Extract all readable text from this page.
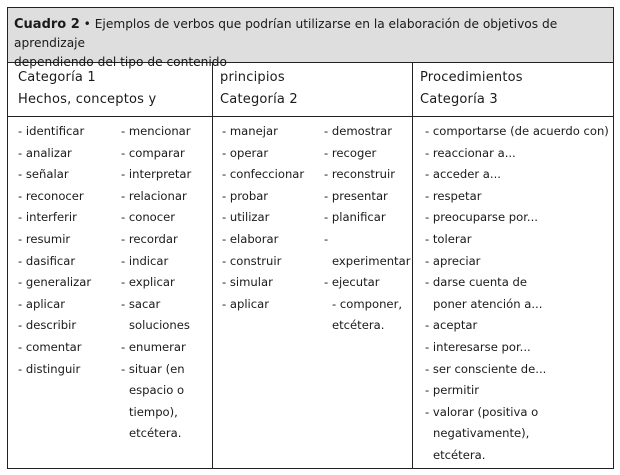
Cuadro 2 • Ejemplos de verbos que podrían utilizarse en la elaboración de objetivos de aprendizaje
dependiendo del tipo de contenido
Categoría 1
Hechos, conceptos y
principios
Categoría 2
Procedimientos
Categoría 3
- identificar
- analizar
- señalar
- reconocer
- interferir
- resumir
- dasificar
- generalizar
- aplicar
- describir
- comentar
- distinguir
- mencionar
- comparar
- interpretar
- relacionar
- conocer
- recordar
- indicar
- explicar
- sacar
soluciones
- enumerar
- situar (en
espacio o
tiempo),
etcétera.
- manejar
- operar
- confeccionar
- probar
- utilizar
- elaborar
- construir
- simular
- aplicar
- demostrar
- recoger
- reconstruir
- presentar
- planificar
-
experimentar
- ejecutar
- componer,
etcétera.
- comportarse (de acuerdo con)
- reaccionar a...
- acceder a...
- respetar
- preocuparse por...
- tolerar
- apreciar
- darse cuenta de
poner atención a...
- aceptar
- interesarse por...
- ser consciente de...
- permitir
- valorar (positiva o
negativamente),
etcétera.
